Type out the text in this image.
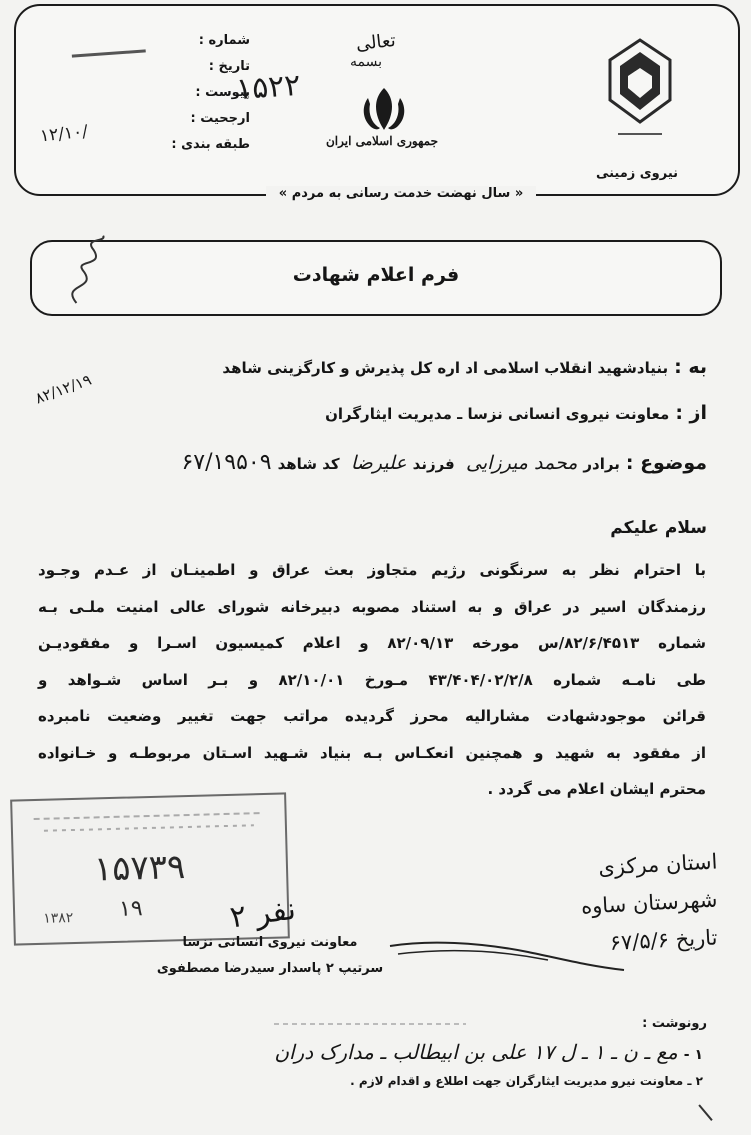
شماره :
تاریخ :
پیوست :
ارجحیت :
طبقه بندی :
۱۵۲۲
۱۲/۱۰/
تعالی
بسمه
جمهوری اسلامی ایران
نیروی زمینی
« سال نهضت خدمت رسانی به مردم »
فرم اعلام شهادت
به :بنیادشهید انقلاب اسلامی اد اره کل پذیرش و کارگزینی شاهد
از :معاونت نیروی انسانی نزسا ـ مدیریت ایثارگران
موضوع :برادرمحمد میرزایی فرزندعلیرضا کد شاهد۶۷/۱۹۵۰۹
۸۲/۱۲/۱۹
سلام علیکم

با احترام نظر به سرنگونی رژیم متجاوز بعث عراق و اطمینـان از عـدم وجـود

رزمندگان اسیر در عراق و به استناد مصوبه دبیرخانه شورای عالی امنیت ملـی بـه

شماره ۸۲/۶/۴۵۱۳/س مورخه ۸۲/۰۹/۱۳ و اعلام کمیسیون اسـرا و مفقودیـن

طی نامـه شماره ۴۳/۴۰۴/۰۲/۲/۸ مـورخ ۸۲/۱۰/۰۱ و بـر اساس شـواهد و

قرائن موجودشهادت مشارالیه محرز گردیده مراتب جهت تغییر وضعیت نامبرده

از مفقود به شهید و همچنین انعکـاس بـه بنیاد شـهید اسـتان مربوطـه و خـانواده

محترم ایشان اعلام می گردد .

۱۵۷۳۹
۱۹
۱۳۸۲
استان مرکزی
شهرستان ساوه
تاریخ ۶۷/۵/۶
۲ نفر
معاونت نیروی انسانی نزسا
سرتیپ ۲ پاسدار سیدرضا مصطفوی
رونوشت :
۱ -مع ـ ن ـ ۱ ـ ل ۱۷ علی بن ابیطالب ـ مدارک دران
۲ ـ معاونت نیرو مدیریت ایثارگران جهت اطلاع و اقدام لازم .
